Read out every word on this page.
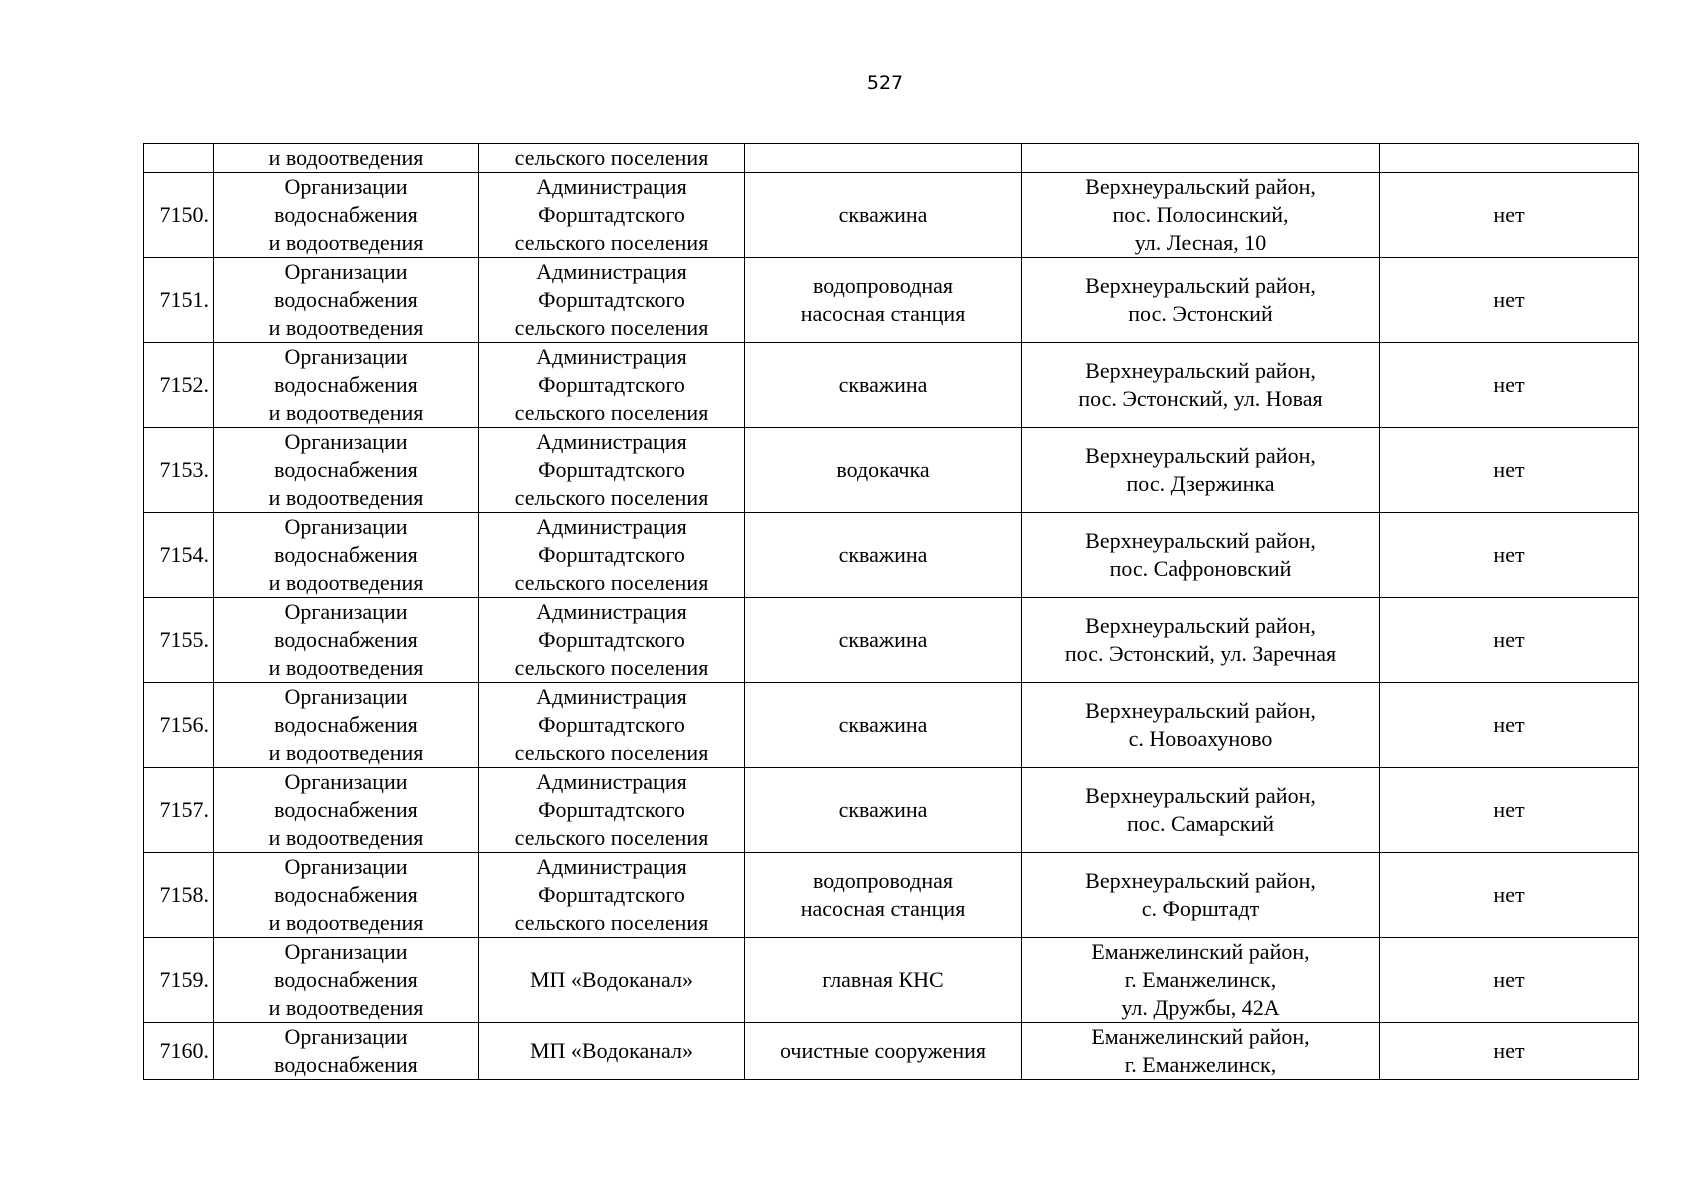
527
	и водоотведения	сельского поселения			
7150.	Организации
водоснабжения
и водоотведения	Администрация
Форштадтского
сельского поселения	скважина	Верхнеуральский район,
пос. Полосинский,
ул. Лесная, 10	нет
7151.	Организации
водоснабжения
и водоотведения	Администрация
Форштадтского
сельского поселения	водопроводная
насосная станция	Верхнеуральский район,
пос. Эстонский	нет
7152.	Организации
водоснабжения
и водоотведения	Администрация
Форштадтского
сельского поселения	скважина	Верхнеуральский район,
пос. Эстонский, ул. Новая	нет
7153.	Организации
водоснабжения
и водоотведения	Администрация
Форштадтского
сельского поселения	водокачка	Верхнеуральский район,
пос. Дзержинка	нет
7154.	Организации
водоснабжения
и водоотведения	Администрация
Форштадтского
сельского поселения	скважина	Верхнеуральский район,
пос. Сафроновский	нет
7155.	Организации
водоснабжения
и водоотведения	Администрация
Форштадтского
сельского поселения	скважина	Верхнеуральский район,
пос. Эстонский, ул. Заречная	нет
7156.	Организации
водоснабжения
и водоотведения	Администрация
Форштадтского
сельского поселения	скважина	Верхнеуральский район,
с. Новоахуново	нет
7157.	Организации
водоснабжения
и водоотведения	Администрация
Форштадтского
сельского поселения	скважина	Верхнеуральский район,
пос. Самарский	нет
7158.	Организации
водоснабжения
и водоотведения	Администрация
Форштадтского
сельского поселения	водопроводная
насосная станция	Верхнеуральский район,
с. Форштадт	нет
7159.	Организации
водоснабжения
и водоотведения	МП «Водоканал»	главная КНС	Еманжелинский район,
г. Еманжелинск,
ул. Дружбы, 42А	нет
7160.	Организации
водоснабжения	МП «Водоканал»	очистные сооружения	Еманжелинский район,
г. Еманжелинск,	нет
